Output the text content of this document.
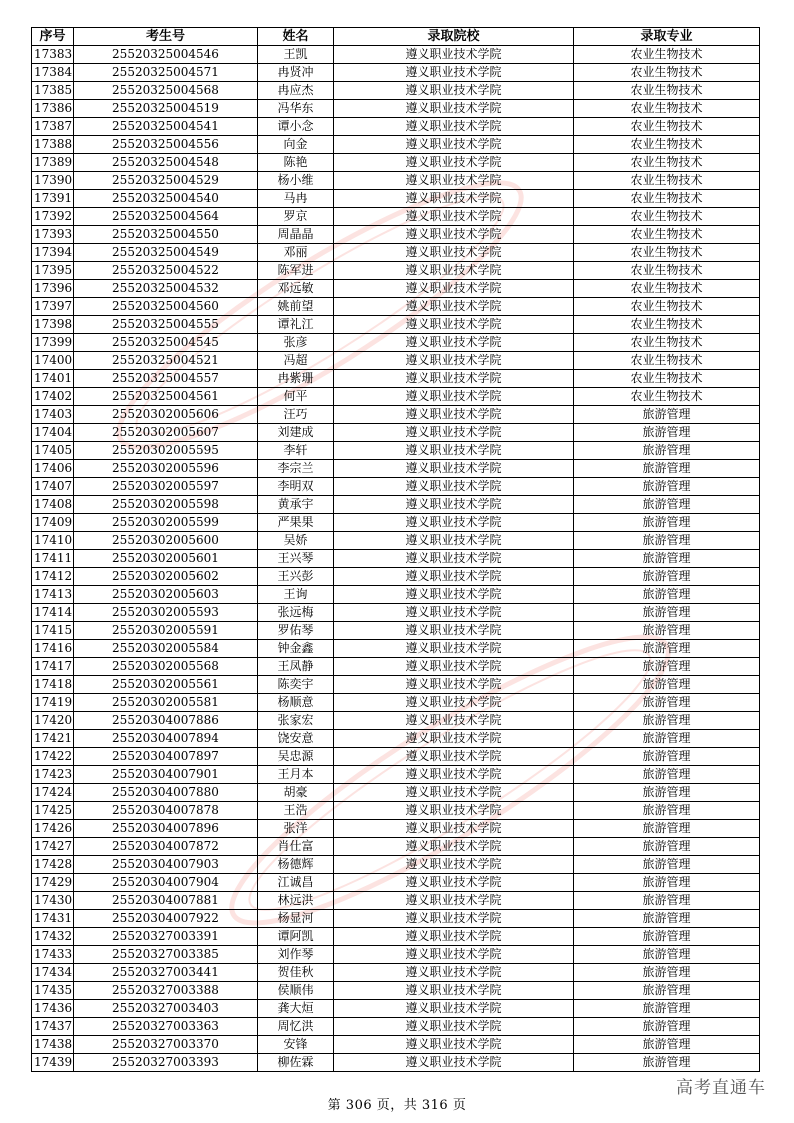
序号	考生号	姓名	录取院校	录取专业
17383	25520325004546	王凯	遵义职业技术学院	农业生物技术
17384	25520325004571	冉贤冲	遵义职业技术学院	农业生物技术
17385	25520325004568	冉应杰	遵义职业技术学院	农业生物技术
17386	25520325004519	冯华东	遵义职业技术学院	农业生物技术
17387	25520325004541	谭小念	遵义职业技术学院	农业生物技术
17388	25520325004556	向金	遵义职业技术学院	农业生物技术
17389	25520325004548	陈艳	遵义职业技术学院	农业生物技术
17390	25520325004529	杨小维	遵义职业技术学院	农业生物技术
17391	25520325004540	马冉	遵义职业技术学院	农业生物技术
17392	25520325004564	罗京	遵义职业技术学院	农业生物技术
17393	25520325004550	周晶晶	遵义职业技术学院	农业生物技术
17394	25520325004549	邓丽	遵义职业技术学院	农业生物技术
17395	25520325004522	陈军进	遵义职业技术学院	农业生物技术
17396	25520325004532	邓远敏	遵义职业技术学院	农业生物技术
17397	25520325004560	姚前望	遵义职业技术学院	农业生物技术
17398	25520325004555	谭礼江	遵义职业技术学院	农业生物技术
17399	25520325004545	张彦	遵义职业技术学院	农业生物技术
17400	25520325004521	冯超	遵义职业技术学院	农业生物技术
17401	25520325004557	冉紫珊	遵义职业技术学院	农业生物技术
17402	25520325004561	何平	遵义职业技术学院	农业生物技术
17403	25520302005606	汪巧	遵义职业技术学院	旅游管理
17404	25520302005607	刘建成	遵义职业技术学院	旅游管理
17405	25520302005595	李轩	遵义职业技术学院	旅游管理
17406	25520302005596	李宗兰	遵义职业技术学院	旅游管理
17407	25520302005597	李明双	遵义职业技术学院	旅游管理
17408	25520302005598	黄承宇	遵义职业技术学院	旅游管理
17409	25520302005599	严果果	遵义职业技术学院	旅游管理
17410	25520302005600	吴娇	遵义职业技术学院	旅游管理
17411	25520302005601	王兴琴	遵义职业技术学院	旅游管理
17412	25520302005602	王兴彭	遵义职业技术学院	旅游管理
17413	25520302005603	王询	遵义职业技术学院	旅游管理
17414	25520302005593	张远梅	遵义职业技术学院	旅游管理
17415	25520302005591	罗佑琴	遵义职业技术学院	旅游管理
17416	25520302005584	钟金鑫	遵义职业技术学院	旅游管理
17417	25520302005568	王凤静	遵义职业技术学院	旅游管理
17418	25520302005561	陈奕宇	遵义职业技术学院	旅游管理
17419	25520302005581	杨顺意	遵义职业技术学院	旅游管理
17420	25520304007886	张家宏	遵义职业技术学院	旅游管理
17421	25520304007894	饶安意	遵义职业技术学院	旅游管理
17422	25520304007897	吴忠源	遵义职业技术学院	旅游管理
17423	25520304007901	王月本	遵义职业技术学院	旅游管理
17424	25520304007880	胡豪	遵义职业技术学院	旅游管理
17425	25520304007878	王浩	遵义职业技术学院	旅游管理
17426	25520304007896	张洋	遵义职业技术学院	旅游管理
17427	25520304007872	肖仕富	遵义职业技术学院	旅游管理
17428	25520304007903	杨德辉	遵义职业技术学院	旅游管理
17429	25520304007904	江诚昌	遵义职业技术学院	旅游管理
17430	25520304007881	林远洪	遵义职业技术学院	旅游管理
17431	25520304007922	杨显河	遵义职业技术学院	旅游管理
17432	25520327003391	谭阿凯	遵义职业技术学院	旅游管理
17433	25520327003385	刘作琴	遵义职业技术学院	旅游管理
17434	25520327003441	贺佳秋	遵义职业技术学院	旅游管理
17435	25520327003388	侯顺伟	遵义职业技术学院	旅游管理
17436	25520327003403	龚大烜	遵义职业技术学院	旅游管理
17437	25520327003363	周忆洪	遵义职业技术学院	旅游管理
17438	25520327003370	安锋	遵义职业技术学院	旅游管理
17439	25520327003393	柳佐霖	遵义职业技术学院	旅游管理
第 306 页，共 316 页
高考直通车
